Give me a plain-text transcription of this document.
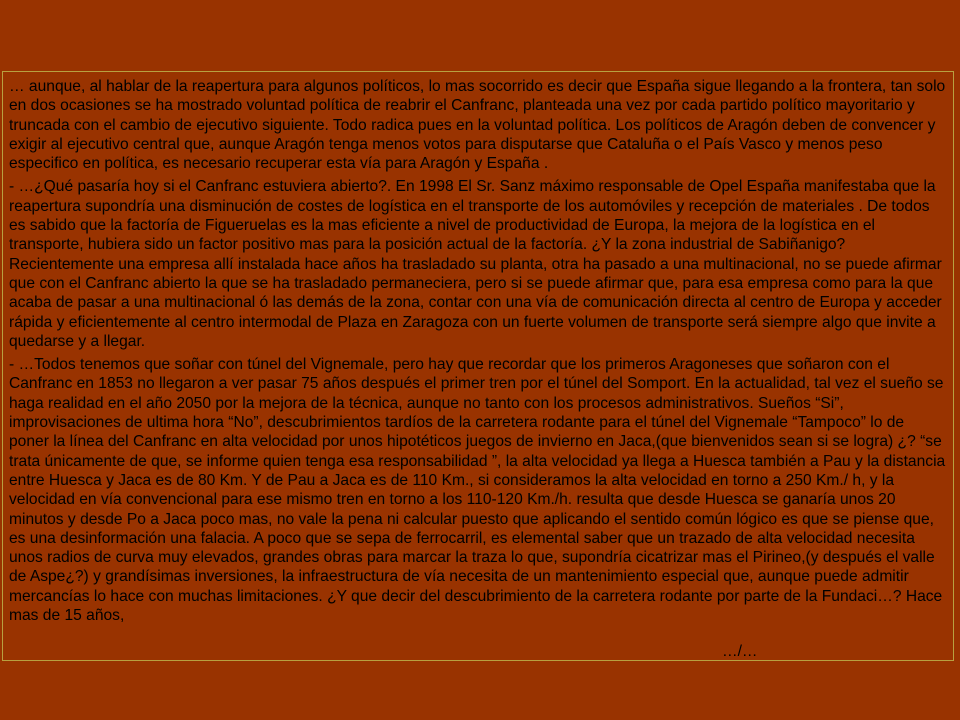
… aunque, al hablar de la reapertura para algunos políticos, lo mas socorrido es decir que España sigue llegando a la frontera, tan solo en dos ocasiones se ha mostrado voluntad política de reabrir el Canfranc, planteada una vez por cada partido político mayoritario y truncada con el cambio de ejecutivo siguiente. Todo radica pues en la voluntad política. Los políticos de Aragón deben de convencer y exigir al ejecutivo central que, aunque Aragón tenga menos votos para disputarse que Cataluña o el País Vasco y menos peso especifico en política, es necesario recuperar esta vía para Aragón y España .

- …¿Qué pasaría hoy si el Canfranc estuviera abierto?. En 1998 El Sr. Sanz máximo responsable de Opel España manifestaba que la reapertura supondría una disminución de costes de logística en el transporte de los automóviles y recepción de materiales . De todos es sabido que la factoría de Figueruelas es la mas eficiente a nivel de productividad de Europa, la mejora de la logística en el transporte, hubiera sido un factor positivo mas para la posición actual de la factoría. ¿Y la zona industrial de Sabiñanigo? Recientemente una empresa allí instalada hace años ha trasladado su planta, otra ha pasado a una multinacional, no se puede afirmar que con el Canfranc abierto la que se ha trasladado permaneciera, pero si se puede afirmar que, para esa empresa como para la que acaba de pasar a una multinacional ó las demás de la zona, contar con una vía de comunicación directa al centro de Europa y acceder rápida y eficientemente al centro intermodal de Plaza en Zaragoza con un fuerte volumen de transporte será siempre algo que invite a quedarse y a llegar.

- …Todos tenemos que soñar con túnel del Vignemale, pero hay que recordar que los primeros Aragoneses que soñaron con el Canfranc en 1853 no llegaron a ver pasar 75 años después el primer tren por el túnel del Somport. En la actualidad, tal vez el sueño se haga realidad en el año 2050 por la mejora de la técnica, aunque no tanto con los procesos administrativos. Sueños “Si”, improvisaciones de ultima hora “No”, descubrimientos tardíos de la carretera rodante para el túnel del Vignemale “Tampoco” lo de poner la línea del Canfranc en alta velocidad por unos hipotéticos juegos de invierno en Jaca,(que bienvenidos sean si se logra) ¿? “se trata únicamente de que, se informe quien tenga esa responsabilidad ”, la alta velocidad ya llega a Huesca también a Pau y la distancia entre Huesca y Jaca es de 80 Km. Y de Pau a Jaca es de 110 Km., si consideramos la alta velocidad en torno a 250 Km./ h, y la velocidad en vía convencional para ese mismo tren en torno a los 110-120 Km./h. resulta que desde Huesca se ganaría unos 20 minutos y desde Po a Jaca poco mas, no vale la pena ni calcular puesto que aplicando el sentido común lógico es que se piense que, es una desinformación una falacia. A poco que se sepa de ferrocarril, es elemental saber que un trazado de alta velocidad necesita unos radios de curva muy elevados, grandes obras para marcar la traza lo que, supondría cicatrizar mas el Pirineo,(y después el valle de Aspe¿?) y grandísimas inversiones, la infraestructura de vía necesita de un mantenimiento especial que, aunque puede admitir mercancías lo hace con muchas limitaciones. ¿Y que decir del descubrimiento de la carretera rodante por parte de la Fundaci…? Hace mas de 15 años,

…/…
